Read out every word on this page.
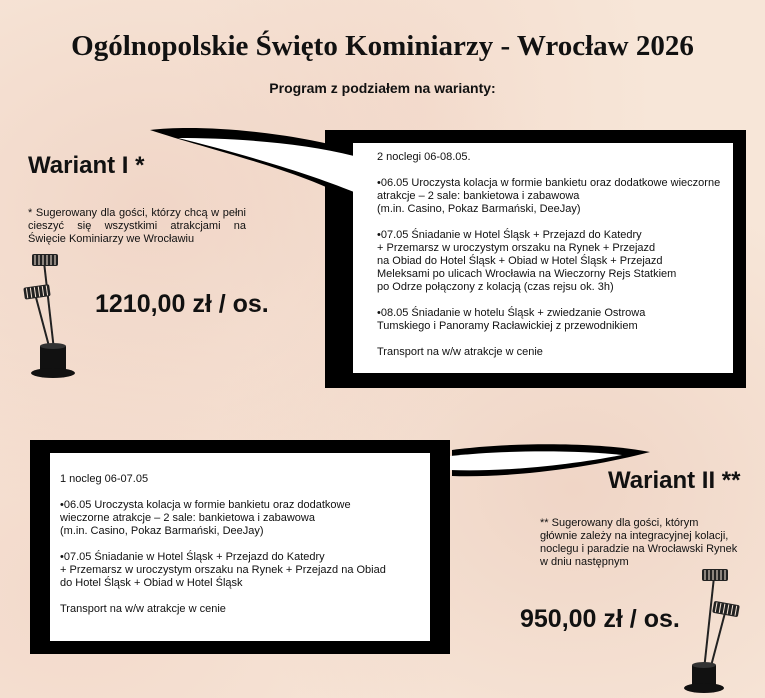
Ogólnopolskie Święto Kominiarzy - Wrocław 2026
Program z podziałem na warianty:
Wariant I *
* Sugerowany dla gości, którzy chcą w pełni cieszyć się wszystkimi atrakcjami na Święcie Kominiarzy we Wrocławiu
1210,00 zł / os.

2 noclegi 06-08.05.

•06.05 Uroczysta kolacja w formie bankietu oraz dodatkowe wieczorne atrakcje – 2 sale: bankietowa i zabawowa
(m.in. Casino, Pokaz Barmański, DeeJay)

•07.05 Śniadanie w Hotel Śląsk + Przejazd do Katedry
+ Przemarsz w uroczystym orszaku na Rynek + Przejazd
na Obiad do Hotel Śląsk + Obiad w Hotel Śląsk + Przejazd
Meleksami po ulicach Wrocławia na Wieczorny Rejs Statkiem
po Odrze połączony z kolacją (czas rejsu ok. 3h)

•08.05 Śniadanie w hotelu Śląsk + zwiedzanie Ostrowa
Tumskiego i Panoramy Racławickiej z przewodnikiem

Transport na w/w atrakcje w cenie

1 nocleg 06-07.05

•06.05 Uroczysta kolacja w formie bankietu oraz dodatkowe
wieczorne atrakcje – 2 sale: bankietowa i zabawowa
(m.in. Casino, Pokaz Barmański, DeeJay)

•07.05 Śniadanie w Hotel Śląsk + Przejazd do Katedry
+ Przemarsz w uroczystym orszaku na Rynek + Przejazd na Obiad
do Hotel Śląsk + Obiad w Hotel Śląsk

Transport na w/w atrakcje w cenie

Wariant II **
** Sugerowany dla gości, którym
głównie zależy na integracyjnej kolacji,
noclegu i paradzie na Wrocławski Rynek
w dniu następnym
950,00 zł / os.
